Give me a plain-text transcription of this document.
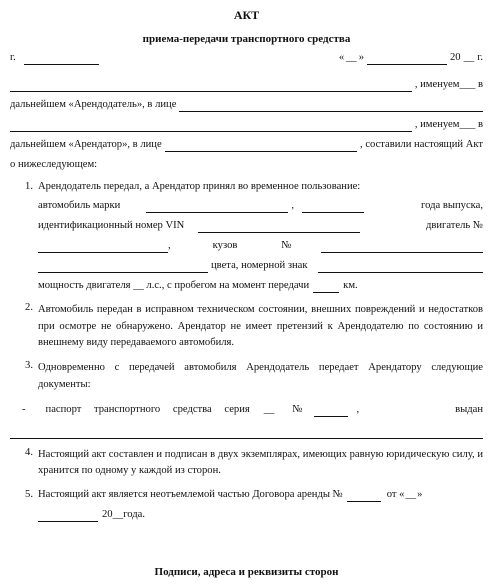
АКТ
приема-передачи транспортного средства
г.	« __ »	20 __ г.
, именуем___ в
дальнейшем «Арендодатель», в лице
, именуем___ в
дальнейшем «Арендатор», в лице	, составили настоящий Акт
о нижеследующем:
1. Арендодатель передал, а Арендатор принял во временное пользование:
автомобиль марки	,	года выпуска,
идентификационный номер VIN	двигатель №
,	кузов	№
цвета, номерной знак
мощность двигателя __ л.с., с пробегом на момент передачи	км.
2. Автомобиль передан в исправном техническом состоянии, внешних повреждений и недостатков при осмотре не обнаружено. Арендатор не имеет претензий к Арендодателю по состоянию и внешнему виду передаваемого автомобиля.
3. Одновременно с передачей автомобиля Арендодатель передает Арендатору следующие документы:
- паспорт транспортного средства серия __ №	,	выдан
4. Настоящий акт составлен и подписан в двух экземплярах, имеющих равную юридическую силу, и хранится по одному у каждой из сторон.
5. Настоящий акт является неотъемлемой частью Договора аренды №	от « __ »
20 __ года.
Подписи, адреса и реквизиты сторон
